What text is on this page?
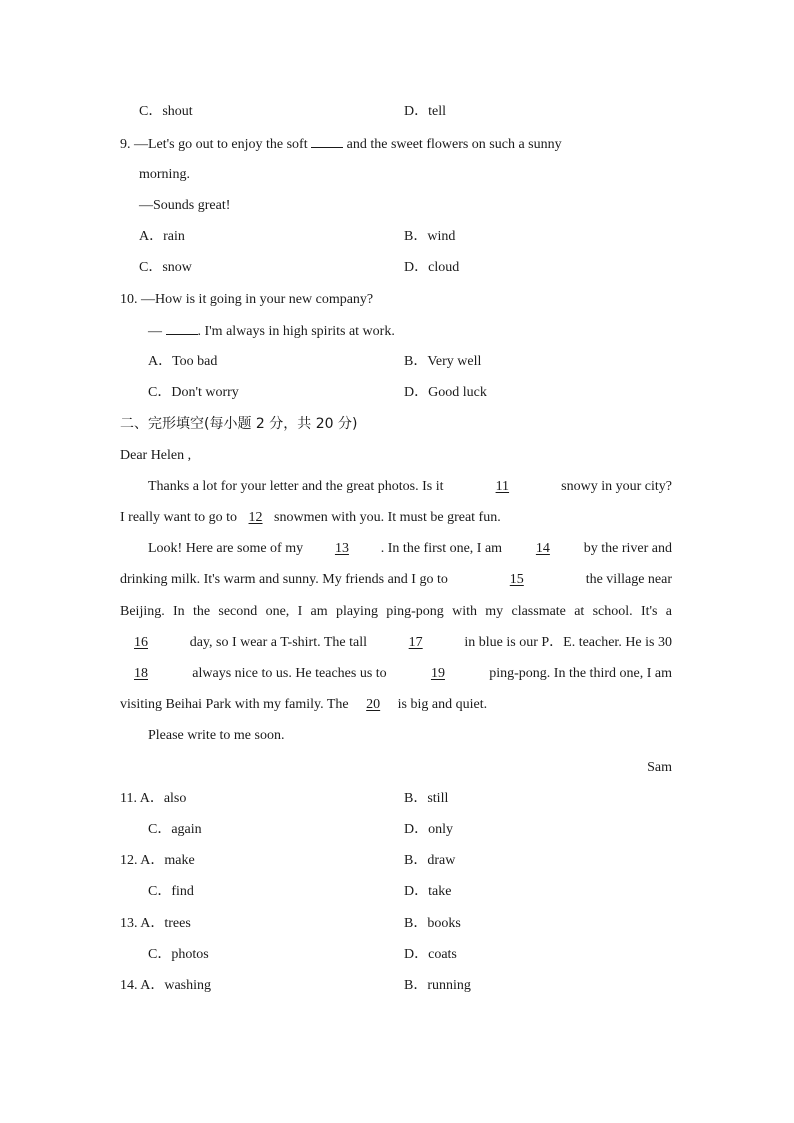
C．shout	D．tell
9. —Let's go out to enjoy the soft	and the sweet flowers on such a sunny
morning.
—Sounds great!
A．rain	B．wind
C．snow	D．cloud
10. —How is it going in your new company?
—	. I'm always in high spirits at work.
A．Too bad	B．Very well
C．Don't worry	D．Good luck
二、完形填空(每小题 2 分，共 20 分)
Dear Helen ,
Thanks a lot for your letter and the great photos. Is it	11	snowy in your city?
I really want to go to 12 snowmen with you. It must be great fun.
Look! Here are some of my	13	. In the first one, I am	14	by the river and
drinking milk. It's warm and sunny. My friends and I go to	15	the village near
Beijing. In the second one, I am playing ping-pong with my classmate at school. It's a
16	day, so I wear a T-shirt. The tall	17	in blue is our P．E. teacher. He is 30
18	always nice to us. He teaches us to	19	ping-pong. In the third one, I am
visiting Beihai Park with my family. The 20 is big and quiet.
Please write to me soon.
Sam
11. A．also	B．still
C．again	D．only
12. A．make	B．draw
C．find	D．take
13. A．trees	B．books
C．photos	D．coats
14. A．washing	B．running
